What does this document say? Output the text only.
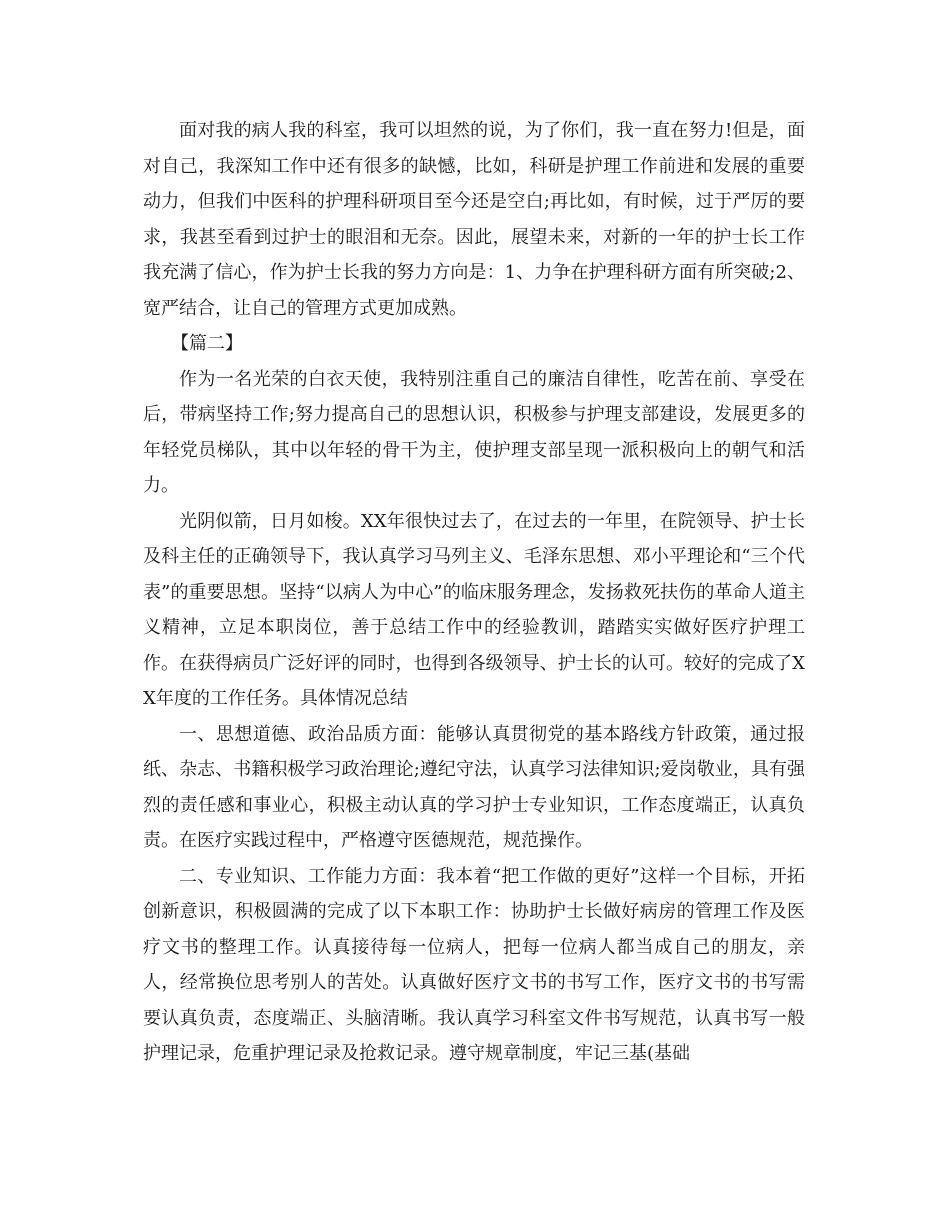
面对我的病人我的科室，我可以坦然的说，为了你们，我一直在努力!但是，面对自己，我深知工作中还有很多的缺憾，比如，科研是护理工作前进和发展的重要动力，但我们中医科的护理科研项目至今还是空白;再比如，有时候，过于严厉的要求，我甚至看到过护士的眼泪和无奈。因此，展望未来，对新的一年的护士长工作我充满了信心，作为护士长我的努力方向是：1、力争在护理科研方面有所突破;2、宽严结合，让自己的管理方式更加成熟。

【篇二】

作为一名光荣的白衣天使，我特别注重自己的廉洁自律性，吃苦在前、享受在后，带病坚持工作;努力提高自己的思想认识，积极参与护理支部建设，发展更多的年轻党员梯队，其中以年轻的骨干为主，使护理支部呈现一派积极向上的朝气和活力。

光阴似箭，日月如梭。XX年很快过去了，在过去的一年里，在院领导、护士长及科主任的正确领导下，我认真学习马列主义、毛泽东思想、邓小平理论和“三个代表”的重要思想。坚持“以病人为中心”的临床服务理念，发扬救死扶伤的革命人道主义精神，立足本职岗位，善于总结工作中的经验教训，踏踏实实做好医疗护理工作。在获得病员广泛好评的同时，也得到各级领导、护士长的认可。较好的完成了XX年度的工作任务。具体情况总结

一、思想道德、政治品质方面：能够认真贯彻党的基本路线方针政策，通过报纸、杂志、书籍积极学习政治理论;遵纪守法，认真学习法律知识;爱岗敬业，具有强烈的责任感和事业心，积极主动认真的学习护士专业知识，工作态度端正，认真负责。在医疗实践过程中，严格遵守医德规范，规范操作。

二、专业知识、工作能力方面：我本着“把工作做的更好”这样一个目标，开拓创新意识，积极圆满的完成了以下本职工作：协助护士长做好病房的管理工作及医疗文书的整理工作。认真接待每一位病人，把每一位病人都当成自己的朋友，亲人，经常换位思考别人的苦处。认真做好医疗文书的书写工作，医疗文书的书写需要认真负责，态度端正、头脑清晰。我认真学习科室文件书写规范，认真书写一般护理记录，危重护理记录及抢救记录。遵守规章制度，牢记三基(基础
